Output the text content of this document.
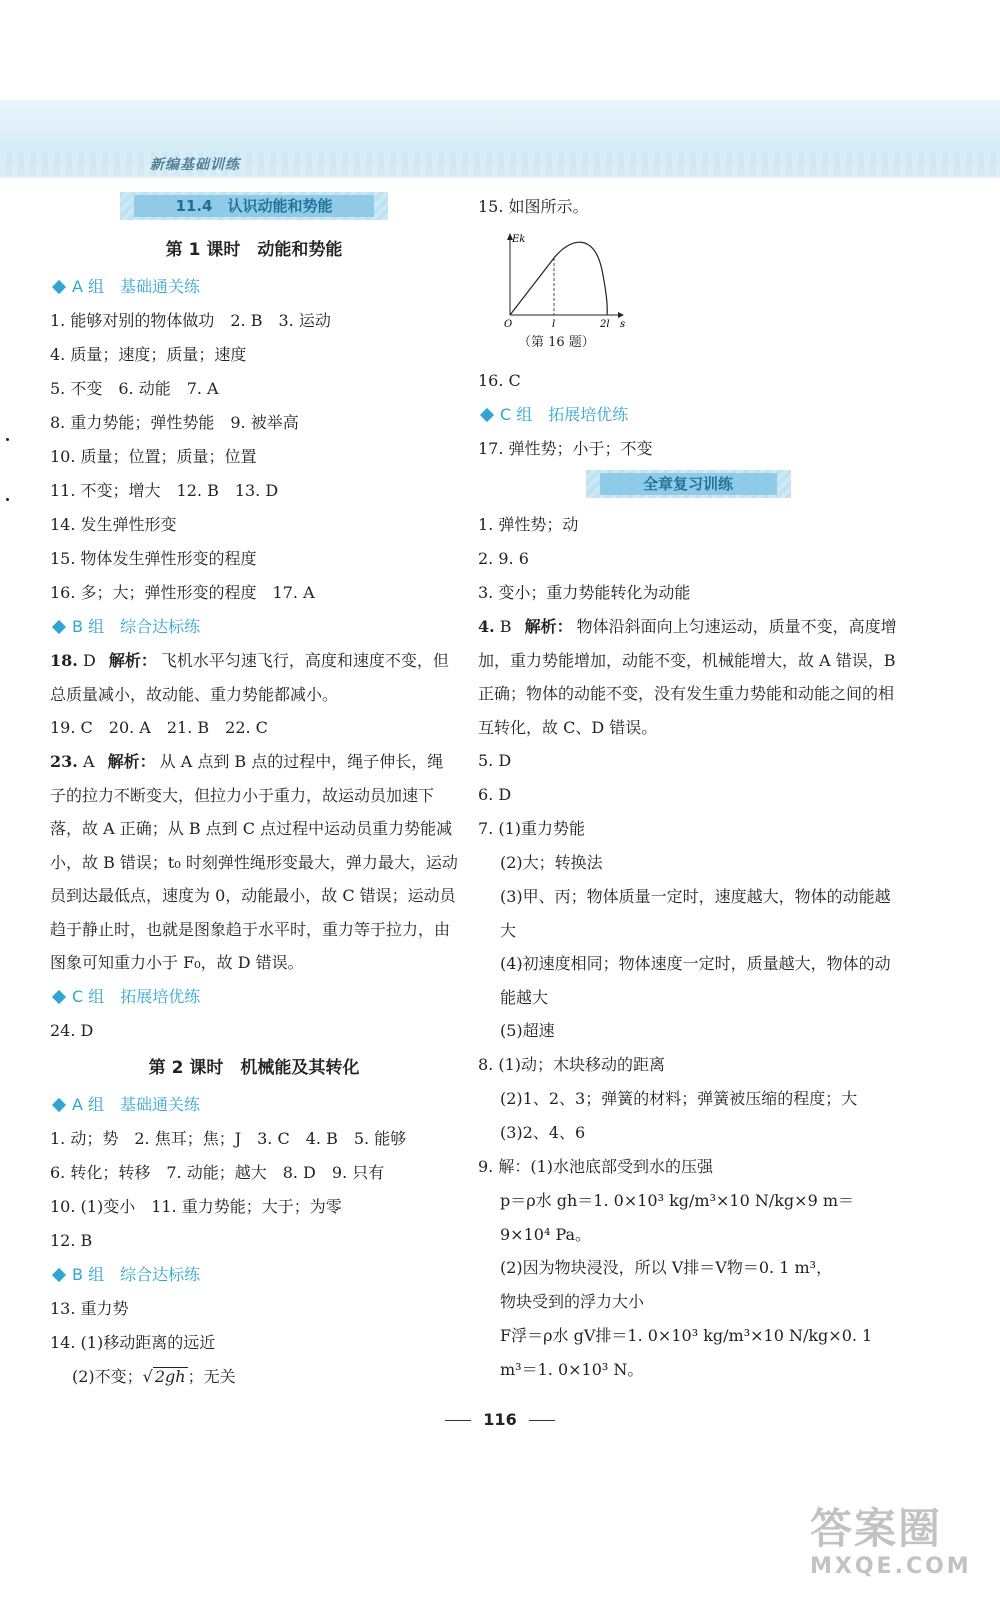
新编基础训练
11.4　认识动能和势能
第 1 课时　动能和势能
A 组 基础通关练
1. 能够对别的物体做功　2. B　3. 运动
4. 质量；速度；质量；速度
5. 不变　6. 动能　7. A
8. 重力势能；弹性势能　9. 被举高
10. 质量；位置；质量；位置
11. 不变；增大　12. B　13. D
14. 发生弹性形变
15. 物体发生弹性形变的程度
16. 多；大；弹性形变的程度　17. A
B 组 综合达标练
18. D 解析： 飞机水平匀速飞行，高度和速度不变，但总质量减小，故动能、重力势能都减小。
19. C　20. A　21. B　22. C
23. A 解析： 从 A 点到 B 点的过程中，绳子伸长，绳子的拉力不断变大，但拉力小于重力，故运动员加速下落，故 A 正确；从 B 点到 C 点过程中运动员重力势能减小，故 B 错误；t₀ 时刻弹性绳形变最大，弹力最大，运动员到达最低点，速度为 0，动能最小，故 C 错误；运动员趋于静止时，也就是图象趋于水平时，重力等于拉力，由图象可知重力小于 F₀，故 D 错误。
C 组 拓展培优练
24. D
第 2 课时　机械能及其转化
A 组 基础通关练
1. 动；势　2. 焦耳；焦；J　3. C　4. B　5. 能够
6. 转化；转移　7. 动能；越大　8. D　9. 只有
10. (1)变小　11. 重力势能；大于；为零
12. B
B 组 综合达标练
13. 重力势
14. (1)移动距离的远近
(2)不变；√ 2gh ；无关
15. 如图所示。
Ek
O	l	2l s
（第 16 题）
16. C
C 组 拓展培优练
17. 弹性势；小于；不变
全章复习训练
1. 弹性势；动
2. 9. 6
3. 变小；重力势能转化为动能
4. B 解析： 物体沿斜面向上匀速运动，质量不变，高度增加，重力势能增加，动能不变，机械能增大，故 A 错误，B 正确；物体的动能不变，没有发生重力势能和动能之间的相互转化，故 C、D 错误。
5. D
6. D
7. (1)重力势能
(2)大；转换法
(3)甲、丙；物体质量一定时，速度越大，物体的动能越大
(4)初速度相同；物体速度一定时，质量越大，物体的动能越大
(5)超速
8. (1)动；木块移动的距离
(2)1、2、3；弹簧的材料；弹簧被压缩的程度；大
(3)2、4、6
9. 解：(1)水池底部受到水的压强
p＝ρ水 gh＝1. 0×10³ kg/m³×10 N/kg×9 m＝9×10⁴ Pa。
(2)因为物块浸没，所以 V排＝V物＝0. 1 m³，
物块受到的浮力大小
F浮＝ρ水 gV排＝1. 0×10³ kg/m³×10 N/kg×0. 1 m³＝1. 0×10³ N。
116
答案圈
MXQE.COM
